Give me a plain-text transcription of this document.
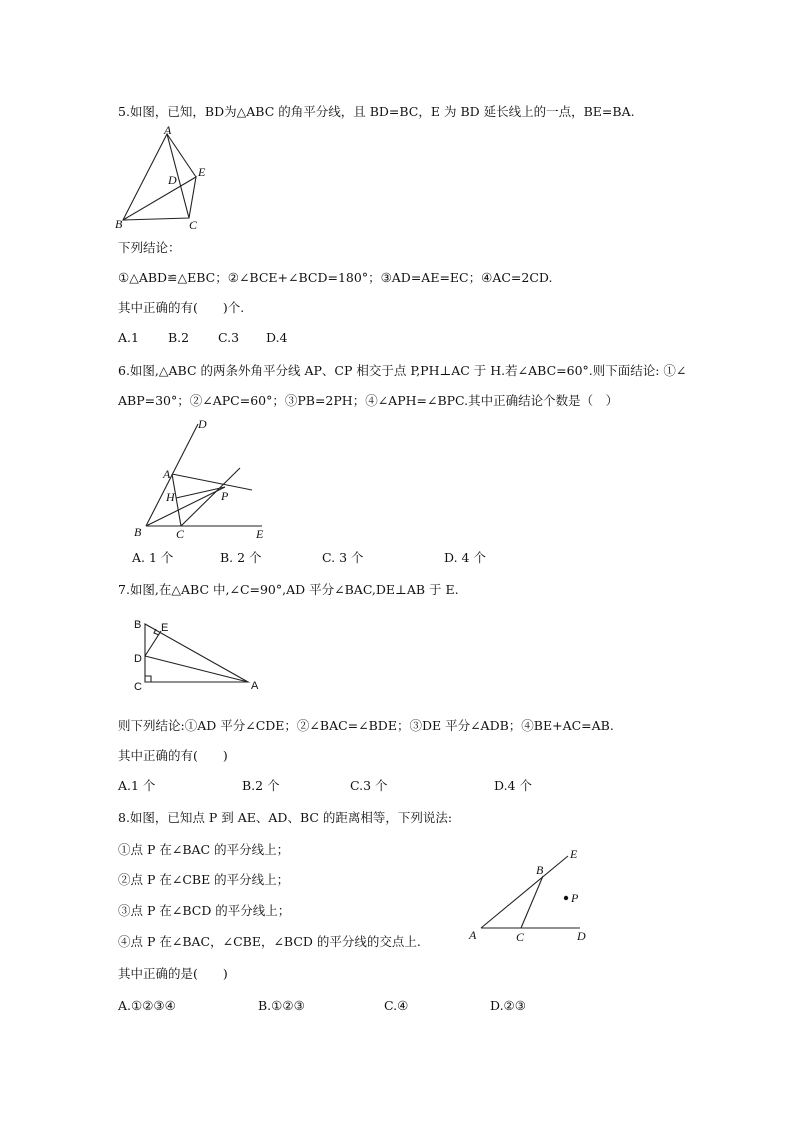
5.如图，已知，BD为△ABC 的角平分线，且 BD=BC，E 为 BD 延长线上的一点，BE=BA.
A
B	C
D
E
下列结论：
①△ABD≌△EBC；②∠BCE+∠BCD=180°；③AD=AE=EC；④AC=2CD.
其中正确的有(　　)个.
A.1 B.2 C.3 D.4
6.如图,△ABC 的两条外角平分线 AP、CP 相交于点 P,PH⊥AC 于 H.若∠ABC=60°.则下面结论: ①∠
ABP=30°；②∠APC=60°；③PB=2PH；④∠APH=∠BPC.其中正确结论个数是（　）
D
A
H	P
B	C	E
A. 1 个	B. 2 个	C. 3 个	D. 4 个
7.如图,在△ABC 中,∠C=90°,AD 平分∠BAC,DE⊥AB 于 E.
B E
D
C	A
则下列结论:①AD 平分∠CDE；②∠BAC=∠BDE；③DE 平分∠ADB；④BE+AC=AB.
其中正确的有(　　)
A.1 个	B.2 个	C.3 个	D.4 个
8.如图，已知点 P 到 AE、AD、BC 的距离相等，下列说法:
①点 P 在∠BAC 的平分线上；
②点 P 在∠CBE 的平分线上；
③点 P 在∠BCD 的平分线上；
④点 P 在∠BAC，∠CBE，∠BCD 的平分线的交点上.
B
E
P
A	C	D
其中正确的是(　　)
A.①②③④	B.①②③	C.④	D.②③
